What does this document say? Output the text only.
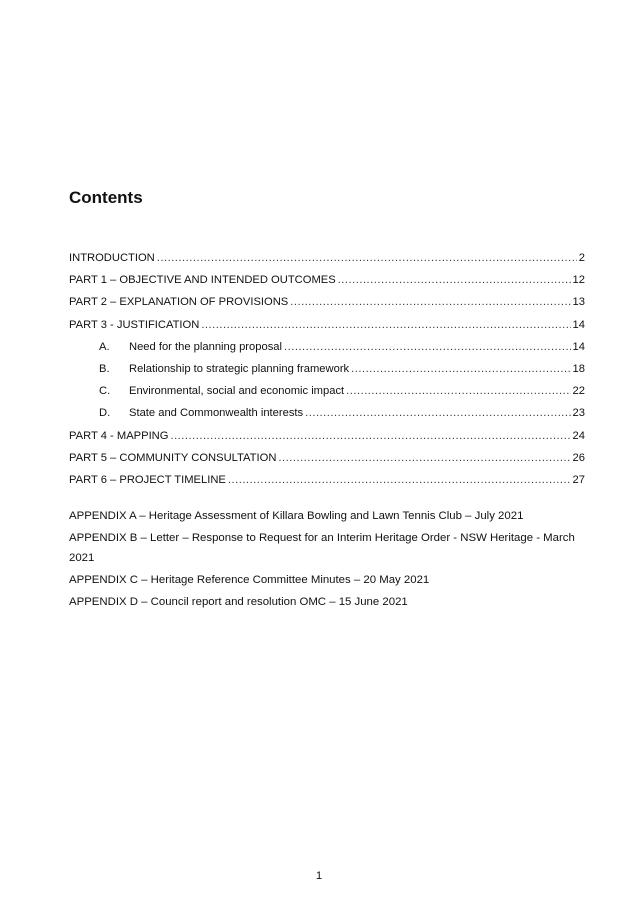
Contents
INTRODUCTION .....	2
PART 1 – OBJECTIVE AND INTENDED OUTCOMES .....	12
PART 2 – EXPLANATION OF PROVISIONS .....	13
PART 3 - JUSTIFICATION .....	14
A.	Need for the planning proposal .....	14
B.	Relationship to strategic planning framework .....	18
C.	Environmental, social and economic impact .....	22
D.	State and Commonwealth interests .....	23
PART 4 - MAPPING .....	24
PART 5 – COMMUNITY CONSULTATION .....	26
PART 6 – PROJECT TIMELINE .....	27

APPENDIX A – Heritage Assessment of Killara Bowling and Lawn Tennis Club – July 2021

APPENDIX B – Letter – Response to Request for an Interim Heritage Order - NSW Heritage - March 2021

APPENDIX C – Heritage Reference Committee Minutes – 20 May 2021

APPENDIX D – Council report and resolution OMC – 15 June 2021

1
